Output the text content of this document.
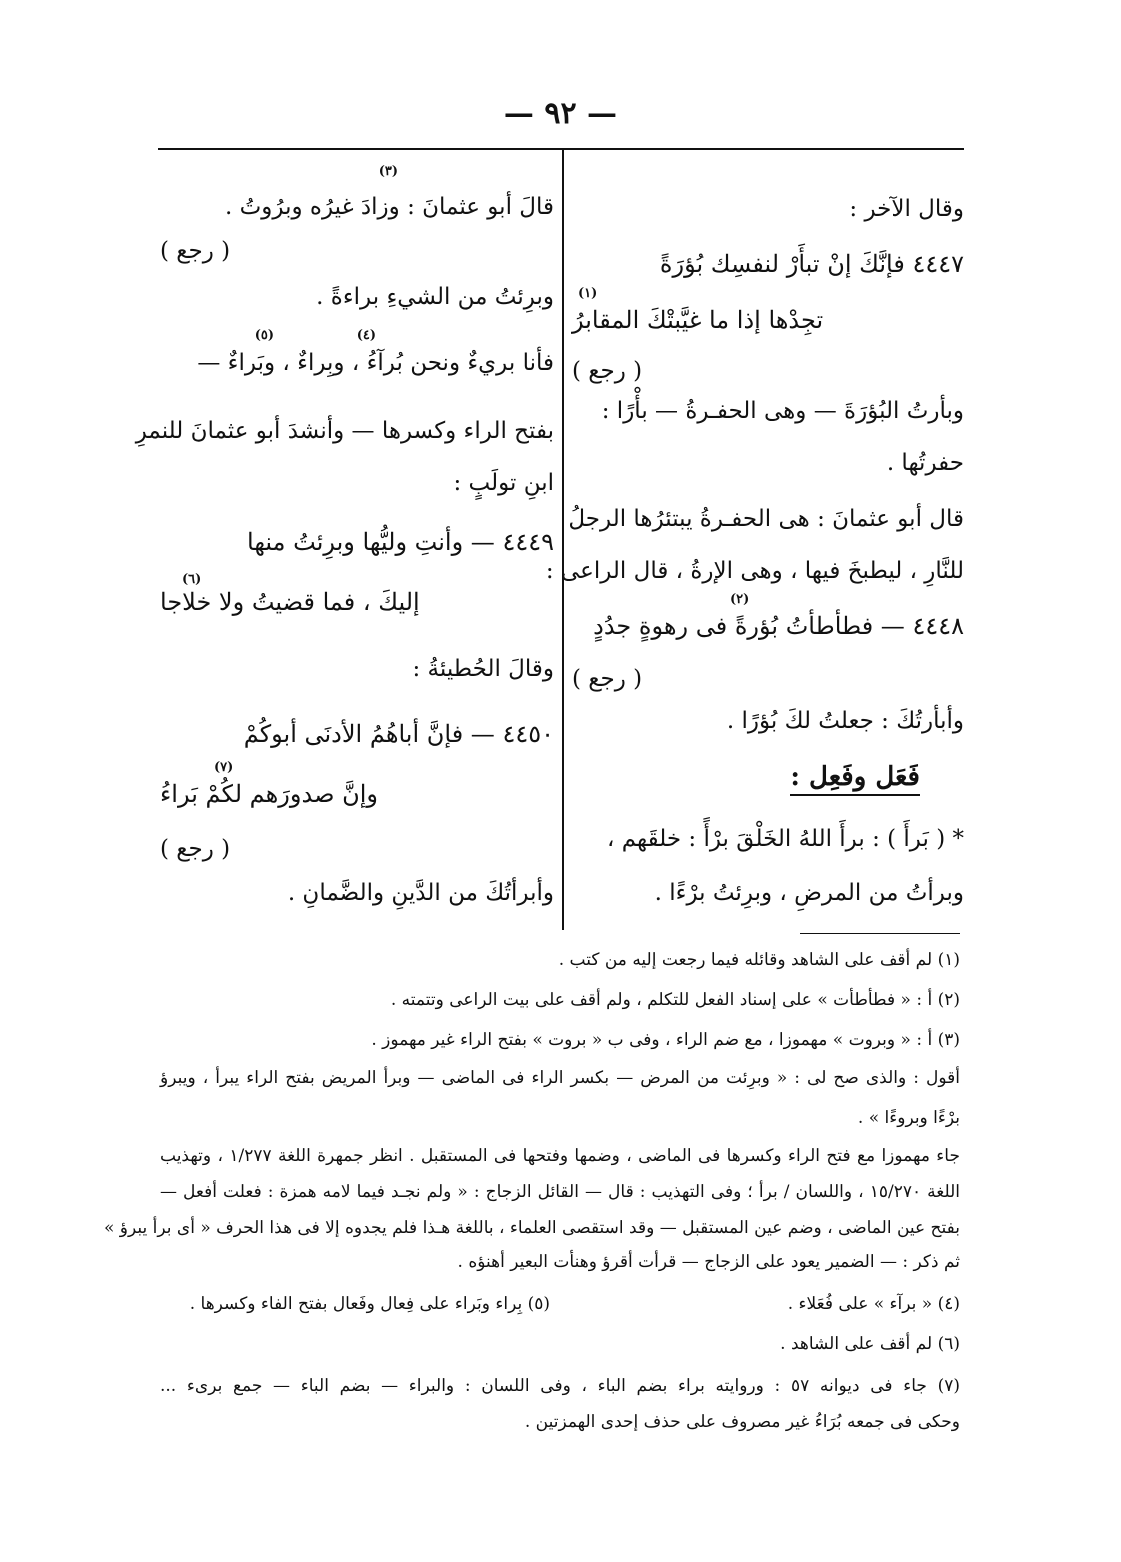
— ٩٢ —
وقال الآخر :
٤٤٤٧ فإنَّكَ إنْ تبأَرْ لنفسِك بُؤرَةً
(١)
تجِدْها إذا ما غيَّبتْكَ المقابرُ
( رجع )
وبأرتُ البُؤرَةَ — وهى الحفـرةُ — بأْرًا :
حفرتُها .
قال أبو عثمانَ : هى الحفـرةُ يبتئرُها الرجلُ
للنَّارِ ، ليطبخَ فيها ، وهى الإرةُ ، قال الراعى :
(٢)
٤٤٤٨ — فطأطأتُ بُؤرةً فى رهوةٍ جدُدٍ
( رجع )
وأبأرتُكَ : جعلتُ لكَ بُؤرًا .
فَعَل وفَعِل :
* ( بَرأَ ) : برأَ اللهُ الخَلْقَ برْأً : خلقَهم ،
وبرأتُ من المرضِ ، وبرِئتُ برْءًا .
(٣)
قالَ أبو عثمانَ : وزادَ غيرُه وبرُوتُ .
( رجع )
وبرِئتُ من الشيءِ براءةً .
(٤)
(٥)
فأنا بريءٌ ونحن بُرآءُ ، وبِراءٌ ، وبَراءٌ —
بفتح الراء وكسرها — وأنشدَ أبو عثمانَ للنمرِ
ابنِ تولَبٍ :
٤٤٤٩ — وأنتِ وليُّها وبرِئتُ منها
(٦)
إليكَ ، فما قضيتُ ولا خلاجا
وقالَ الحُطيئةُ :
٤٤٥٠ — فإنَّ أباهُمُ الأدنَى أبوكُمْ
(٧)
وإنَّ صدورَهم لكُمْ بَراءُ
( رجع )
وأبرأتُكَ من الدَّينِ والضَّمانِ .
(١) لم أقف على الشاهد وقائله فيما رجعت إليه من كتب .
(٢) أ : « فطأطأت » على إسناد الفعل للتكلم ، ولم أقف على بيت الراعى وتتمته .
(٣) أ : « وبروت » مهموزا ، مع ضم الراء ، وفى ب « بروت » بفتح الراء غير مهموز .
أقول : والذى صح لى : « وبرِئت من المرض — بكسر الراء فى الماضى — وبرأ المريض بفتح الراء يبرأ ، ويبرؤ
برْءًا وبروءًا » .
جاء مهموزا مع فتح الراء وكسرها فى الماضى ، وضمها وفتحها فى المستقبل . انظر جمهرة اللغة ١/٢٧٧ ، وتهذيب
اللغة ١٥/٢٧٠ ، واللسان / برأ ؛ وفى التهذيب : قال — القائل الزجاج : « ولم نجـد فيما لامه همزة : فعلت أفعل —
بفتح عين الماضى ، وضم عين المستقبل — وقد استقصى العلماء ، باللغة هـذا فلم يجدوه إلا فى هذا الحرف « أى برأ يبرؤ »
ثم ذكر : — الضمير يعود على الزجاج — قرأت أقرؤ وهنأت البعير أهنؤه .
(٤) « برآء » على فُعَلاء .
(٥) بِراء وبَراء على فِعال وفَعال بفتح الفاء وكسرها .
(٦) لم أقف على الشاهد .
(٧) جاء فى ديوانه ٥٧ : وروايته براء بضم الباء ، وفى اللسان : والبراء — بضم الباء — جمع برىء ...
وحكى فى جمعه بُرَاءُ غير مصروف على حذف إحدى الهمزتين .
